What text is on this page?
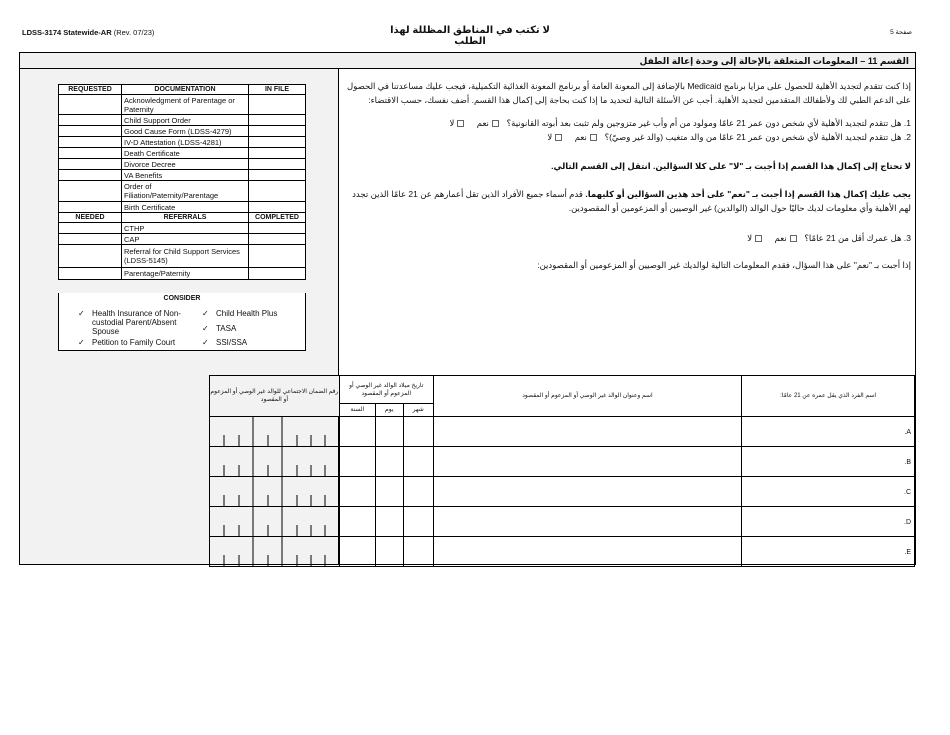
LDSS-3174 Statewide-AR (Rev. 07/23)	لا تكتب في المناطق المظللة لهذا الطلب
صفحة 5
القسم 11 – المعلومات المتعلقة بالإحالة إلى وحدة إعالة الطفل
REQUESTED	DOCUMENTATION	IN FILE
	Acknowledgment of Parentage or Paternity	
	Child Support Order	
	Good Cause Form (LDSS-4279)	
	IV-D Attestation (LDSS-4281)	
	Death Certificate	
	Divorce Decree	
	VA Benefits	
	Order of Filiation/Paternity/Parentage	
	Birth Certificate	
NEEDED	REFERRALS	COMPLETED
	CTHP	
	CAP	
	Referral for Child Support Services (LDSS-5145)	
	Parentage/Paternity	
CONSIDER
✓ Health Insurance of Non-custodial Parent/Absent Spouse
✓ Child Health Plus
✓ TASA
✓ Petition to Family Court	✓ SSI/SSA
إذا كنت تتقدم لتجديد الأهلية للحصول على مزايا برنامج Medicaid بالإضافة إلى المعونة العامة أو برنامج المعونة الغذائية التكميلية، فيجب عليك مساعدتنا في الحصول على الدعم الطبي لك ولأطفالك المتقدمين لتجديد الأهلية. أجب عن الأسئلة التالية لتحديد ما إذا كنت بحاجة إلى إكمال هذا القسم. أضف نفسك، حسب الاقتضاء:
1. هل تتقدم لتجديد الأهلية لأي شخص دون عمر 21 عامًا ومولود من أم وأب غير متزوجين ولم تثبت بعد أبوته القانونية؟  نعم    لا
2. هل تتقدم لتجديد الأهلية لأي شخص دون عمر 21 عامًا من والد متغيب (والد غير وصيّ)؟  نعم    لا
لا تحتاج إلى إكمال هذا القسم إذا أجبت بـ "لا" على كلا السؤالين. انتقل إلى القسم التالي.
يجب عليك إكمال هذا القسم إذا أجبت بـ "نعم" على أحد هذين السؤالين أو كليهما. قدم أسماء جميع الأفراد الذين تقل أعمارهم عن 21 عامًا الذين تجدد لهم الأهلية وأي معلومات لديك حاليًا حول الوالد (الوالدين) غير الوصيين أو المزعومين أو المقصودين.
3. هل عمرك أقل من 21 عامًا؟  نعم    لا
إذا أجبت بـ "نعم" على هذا السؤال، فقدم المعلومات التالية لوالديك غير الوصيين أو المزعومين أو المقصودين:
رقم الضمان الاجتماعي للوالد غير الوصي أو المزعوم أو المقصود	تاريخ ميلاد الوالد غير الوصي أو المزعوم أو المقصود			اسم وعنوان الوالد غير الوصي أو المزعوم أو المقصود	اسم الفرد الذي يقل عمره عن 21 عامًا:
	السنة	يوم	شهر		

A.

B.

C.

D.

E.
